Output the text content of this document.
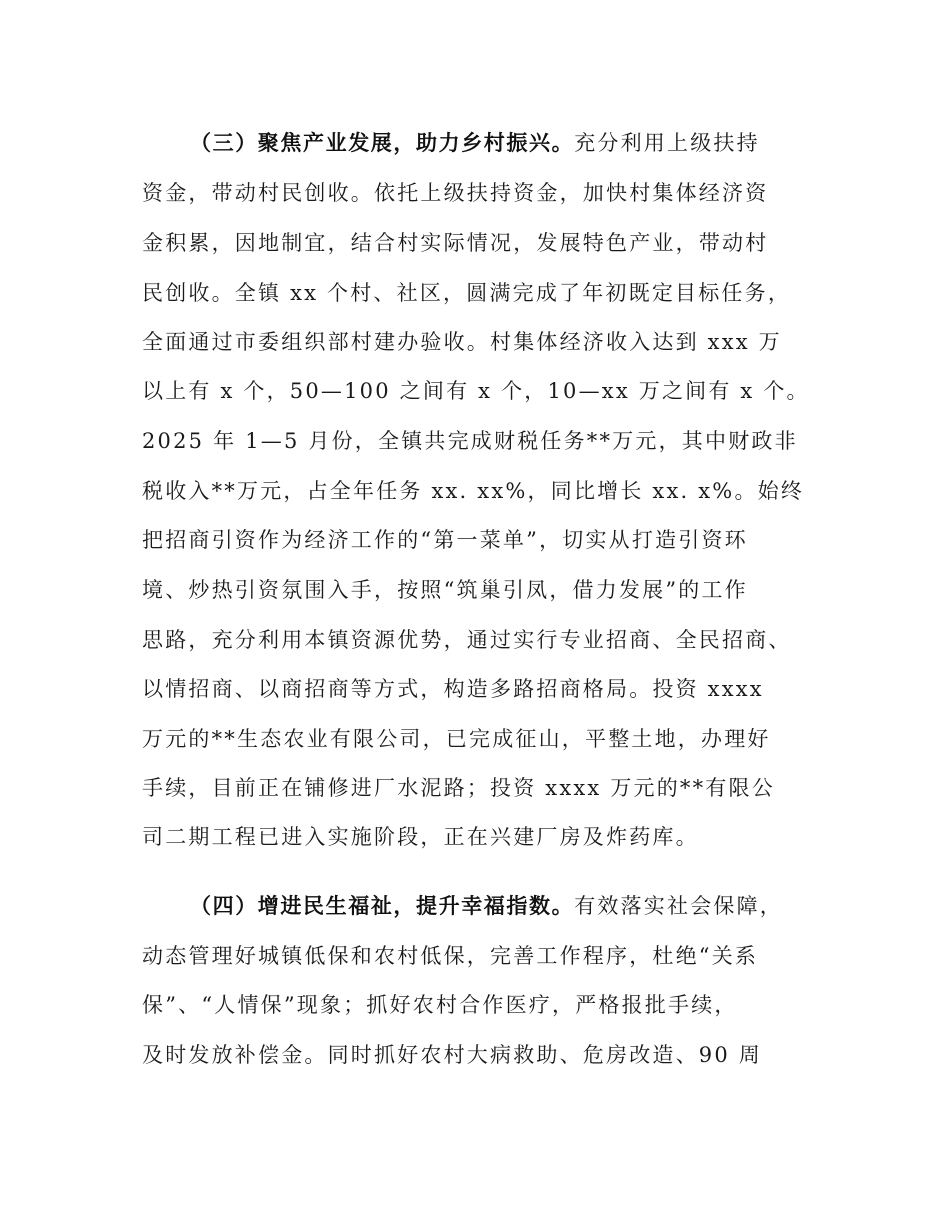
（三）聚焦产业发展，助力乡村振兴。充分利用上级扶持
资金，带动村民创收。依托上级扶持资金，加快村集体经济资
金积累，因地制宜，结合村实际情况，发展特色产业，带动村
民创收。全镇 xx 个村、社区，圆满完成了年初既定目标任务，
全面通过市委组织部村建办验收。村集体经济收入达到 xxx 万
以上有 x 个，50—100 之间有 x 个，10—xx 万之间有 x 个。
2025 年 1—5 月份，全镇共完成财税任务**万元，其中财政非
税收入**万元，占全年任务 xx. xx%，同比增长 xx. x%。始终
把招商引资作为经济工作的“第一菜单”，切实从打造引资环
境、炒热引资氛围入手，按照“筑巢引凤，借力发展”的工作
思路，充分利用本镇资源优势，通过实行专业招商、全民招商、
以情招商、以商招商等方式，构造多路招商格局。投资 xxxx
万元的**生态农业有限公司，已完成征山，平整土地，办理好
手续，目前正在铺修进厂水泥路；投资 xxxx 万元的**有限公
司二期工程已进入实施阶段，正在兴建厂房及炸药库。
（四）增进民生福祉，提升幸福指数。有效落实社会保障，
动态管理好城镇低保和农村低保，完善工作程序，杜绝“关系
保”、“人情保”现象；抓好农村合作医疗，严格报批手续，
及时发放补偿金。同时抓好农村大病救助、危房改造、90 周
